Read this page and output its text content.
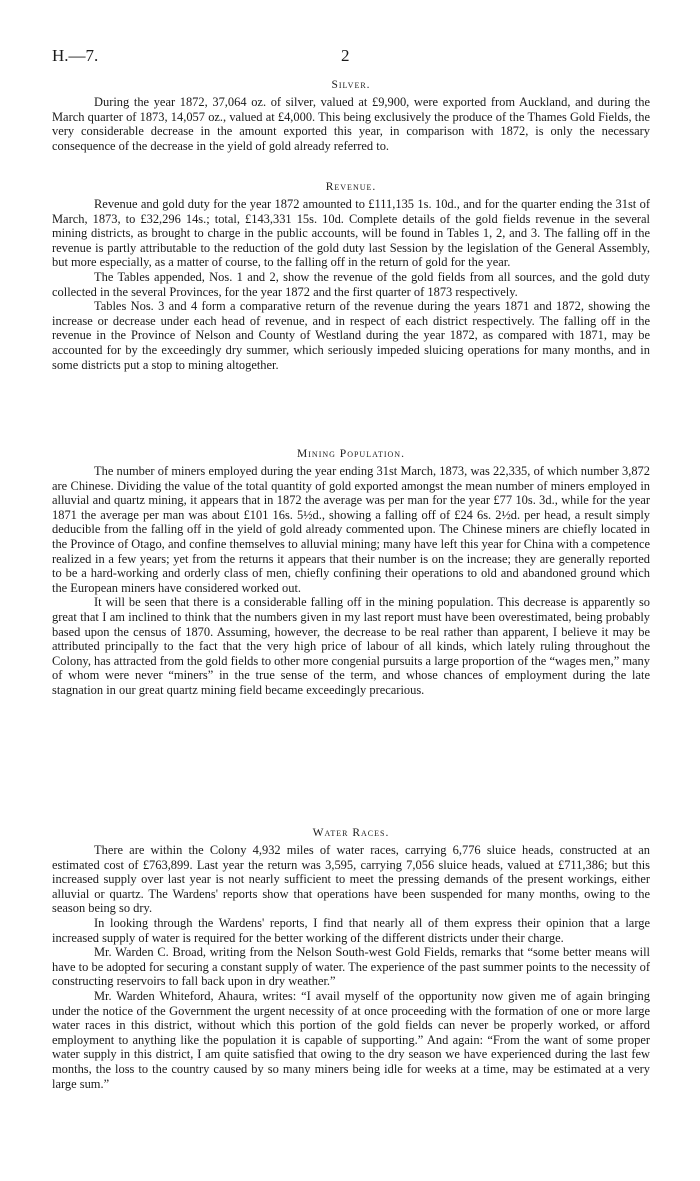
H.—7.	2
Silver.

During the year 1872, 37,064 oz. of silver, valued at £9,900, were exported from Auckland, and during the March quarter of 1873, 14,057 oz., valued at £4,000. This being exclusively the produce of the Thames Gold Fields, the very considerable decrease in the amount exported this year, in comparison with 1872, is only the necessary consequence of the decrease in the yield of gold already referred to.

Revenue.

Revenue and gold duty for the year 1872 amounted to £111,135 1s. 10d., and for the quarter ending the 31st of March, 1873, to £32,296 14s.; total, £143,331 15s. 10d. Complete details of the gold fields revenue in the several mining districts, as brought to charge in the public accounts, will be found in Tables 1, 2, and 3. The falling off in the revenue is partly attributable to the reduction of the gold duty last Session by the legislation of the General Assembly, but more especially, as a matter of course, to the falling off in the return of gold for the year.

The Tables appended, Nos. 1 and 2, show the revenue of the gold fields from all sources, and the gold duty collected in the several Provinces, for the year 1872 and the first quarter of 1873 respectively.

Tables Nos. 3 and 4 form a comparative return of the revenue during the years 1871 and 1872, showing the increase or decrease under each head of revenue, and in respect of each district respectively. The falling off in the revenue in the Province of Nelson and County of Westland during the year 1872, as compared with 1871, may be accounted for by the exceedingly dry summer, which seriously impeded sluicing operations for many months, and in some districts put a stop to mining altogether.

Mining Population.

The number of miners employed during the year ending 31st March, 1873, was 22,335, of which number 3,872 are Chinese. Dividing the value of the total quantity of gold exported amongst the mean number of miners employed in alluvial and quartz mining, it appears that in 1872 the average was per man for the year £77 10s. 3d., while for the year 1871 the average per man was about £101 16s. 5½d., showing a falling off of £24 6s. 2½d. per head, a result simply deducible from the falling off in the yield of gold already commented upon. The Chinese miners are chiefly located in the Province of Otago, and confine themselves to alluvial mining; many have left this year for China with a competence realized in a few years; yet from the returns it appears that their number is on the increase; they are generally reported to be a hard-working and orderly class of men, chiefly confining their operations to old and abandoned ground which the European miners have considered worked out.

It will be seen that there is a considerable falling off in the mining population. This decrease is apparently so great that I am inclined to think that the numbers given in my last report must have been overestimated, being probably based upon the census of 1870. Assuming, however, the decrease to be real rather than apparent, I believe it may be attributed principally to the fact that the very high price of labour of all kinds, which lately ruling throughout the Colony, has attracted from the gold fields to other more congenial pursuits a large proportion of the “wages men,” many of whom were never “miners” in the true sense of the term, and whose chances of employment during the late stagnation in our great quartz mining field became exceedingly precarious.

Water Races.

There are within the Colony 4,932 miles of water races, carrying 6,776 sluice heads, constructed at an estimated cost of £763,899. Last year the return was 3,595, carrying 7,056 sluice heads, valued at £711,386; but this increased supply over last year is not nearly sufficient to meet the pressing demands of the present workings, either alluvial or quartz. The Wardens' reports show that operations have been suspended for many months, owing to the season being so dry.

In looking through the Wardens' reports, I find that nearly all of them express their opinion that a large increased supply of water is required for the better working of the different districts under their charge.

Mr. Warden C. Broad, writing from the Nelson South-west Gold Fields, remarks that “some better means will have to be adopted for securing a constant supply of water. The experience of the past summer points to the necessity of constructing reservoirs to fall back upon in dry weather.”

Mr. Warden Whiteford, Ahaura, writes: “I avail myself of the opportunity now given me of again bringing under the notice of the Government the urgent necessity of at once proceeding with the formation of one or more large water races in this district, without which this portion of the gold fields can never be properly worked, or afford employment to anything like the population it is capable of supporting.” And again: “From the want of some proper water supply in this district, I am quite satisfied that owing to the dry season we have experienced during the last few months, the loss to the country caused by so many miners being idle for weeks at a time, may be estimated at a very large sum.”
